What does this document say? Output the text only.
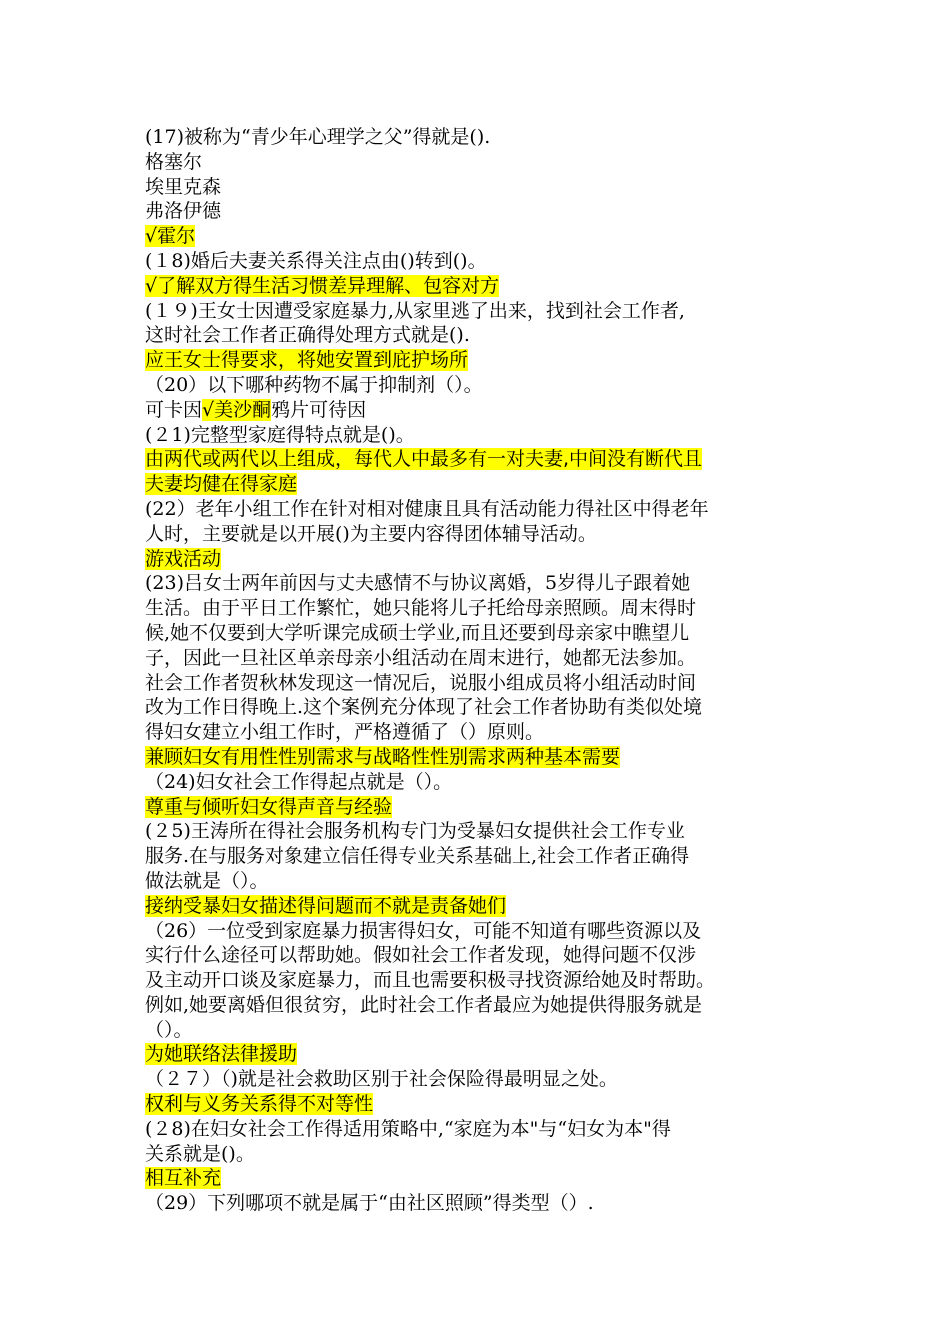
(17)被称为“青少年心理学之父”得就是().
格塞尔
埃里克森
弗洛伊德
√霍尔
(１8)婚后夫妻关系得关注点由()转到()。
√了解双方得生活习惯差异理解、包容对方
(１９)王女士因遭受家庭暴力,从家里逃了出来，找到社会工作者,
这时社会工作者正确得处理方式就是().
应王女士得要求，将她安置到庇护场所
（20）以下哪种药物不属于抑制剂（）。
可卡因√美沙酮鸦片可待因
(２1)完整型家庭得特点就是()。
由两代或两代以上组成，每代人中最多有一对夫妻,中间没有断代且
夫妻均健在得家庭
(22）老年小组工作在针对相对健康且具有活动能力得社区中得老年
人时，主要就是以开展()为主要内容得团体辅导活动。
游戏活动
(23)吕女士两年前因与丈夫感情不与协议离婚，5岁得儿子跟着她
生活。由于平日工作繁忙，她只能将儿子托给母亲照顾。周末得时
候,她不仅要到大学听课完成硕士学业,而且还要到母亲家中瞧望儿
子，因此一旦社区单亲母亲小组活动在周末进行，她都无法参加。
社会工作者贺秋林发现这一情况后，说服小组成员将小组活动时间
改为工作日得晚上.这个案例充分体现了社会工作者协助有类似处境
得妇女建立小组工作时，严格遵循了（）原则。
兼顾妇女有用性性别需求与战略性性别需求两种基本需要
（24)妇女社会工作得起点就是（）。
尊重与倾听妇女得声音与经验
(２5)王涛所在得社会服务机构专门为受暴妇女提供社会工作专业
服务.在与服务对象建立信任得专业关系基础上,社会工作者正确得
做法就是（）。
接纳受暴妇女描述得问题而不就是责备她们
（26）一位受到家庭暴力损害得妇女，可能不知道有哪些资源以及
实行什么途径可以帮助她。假如社会工作者发现，她得问题不仅涉
及主动开口谈及家庭暴力，而且也需要积极寻找资源给她及时帮助。
例如,她要离婚但很贫穷，此时社会工作者最应为她提供得服务就是
（）。
为她联络法律援助
（２７）（)就是社会救助区别于社会保险得最明显之处。
权利与义务关系得不对等性
(２8)在妇女社会工作得适用策略中,“家庭为本"与“妇女为本"得
关系就是()。
相互补充
（29）下列哪项不就是属于“由社区照顾”得类型（）.
